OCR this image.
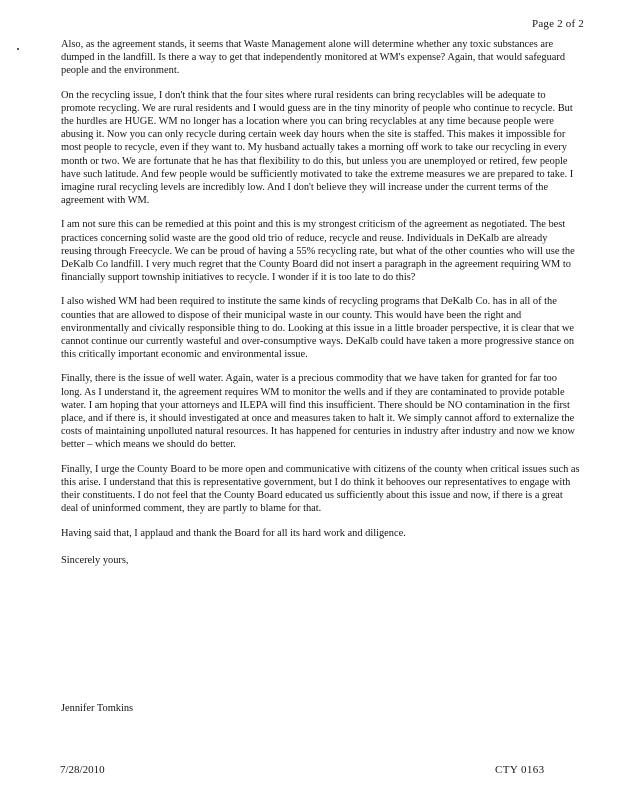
Page 2 of 2

Also, as the agreement stands, it seems that Waste Management alone will determine whether any toxic substances are dumped in the landfill. Is there a way to get that independently monitored at WM's expense? Again, that would safeguard people and the environment.

On the recycling issue, I don't think that the four sites where rural residents can bring recyclables will be adequate to promote recycling. We are rural residents and I would guess are in the tiny minority of people who continue to recycle. But the hurdles are HUGE. WM no longer has a location where you can bring recyclables at any time because people were abusing it. Now you can only recycle during certain week day hours when the site is staffed. This makes it impossible for most people to recycle, even if they want to. My husband actually takes a morning off work to take our recycling in every month or two. We are fortunate that he has that flexibility to do this, but unless you are unemployed or retired, few people have such latitude. And few people would be sufficiently motivated to take the extreme measures we are prepared to take. I imagine rural recycling levels are incredibly low. And I don't believe they will increase under the current terms of the agreement with WM.

I am not sure this can be remedied at this point and this is my strongest criticism of the agreement as negotiated. The best practices concerning solid waste are the good old trio of reduce, recycle and reuse. Individuals in DeKalb are already reusing through Freecycle. We can be proud of having a 55% recycling rate, but what of the other counties who will use the DeKalb Co landfill. I very much regret that the County Board did not insert a paragraph in the agreement requiring WM to financially support township initiatives to recycle. I wonder if it is too late to do this?

I also wished WM had been required to institute the same kinds of recycling programs that DeKalb Co. has in all of the counties that are allowed to dispose of their municipal waste in our county. This would have been the right and environmentally and civically responsible thing to do. Looking at this issue in a little broader perspective, it is clear that we cannot continue our currently wasteful and over-consumptive ways. DeKalb could have taken a more progressive stance on this critically important economic and environmental issue.

Finally, there is the issue of well water. Again, water is a precious commodity that we have taken for granted for far too long. As I understand it, the agreement requires WM to monitor the wells and if they are contaminated to provide potable water. I am hoping that your attorneys and ILEPA will find this insufficient. There should be NO contamination in the first place, and if there is, it should investigated at once and measures taken to halt it. We simply cannot afford to externalize the costs of maintaining unpolluted natural resources. It has happened for centuries in industry after industry and now we know better – which means we should do better.

Finally, I urge the County Board to be more open and communicative with citizens of the county when critical issues such as this arise. I understand that this is representative government, but I do think it behooves our representatives to engage with their constituents. I do not feel that the County Board educated us sufficiently about this issue and now, if there is a great deal of uninformed comment, they are partly to blame for that.

Having said that, I applaud and thank the Board for all its hard work and diligence.

Sincerely yours,
Jennifer Tomkins
7/28/2010	CTY 0163
